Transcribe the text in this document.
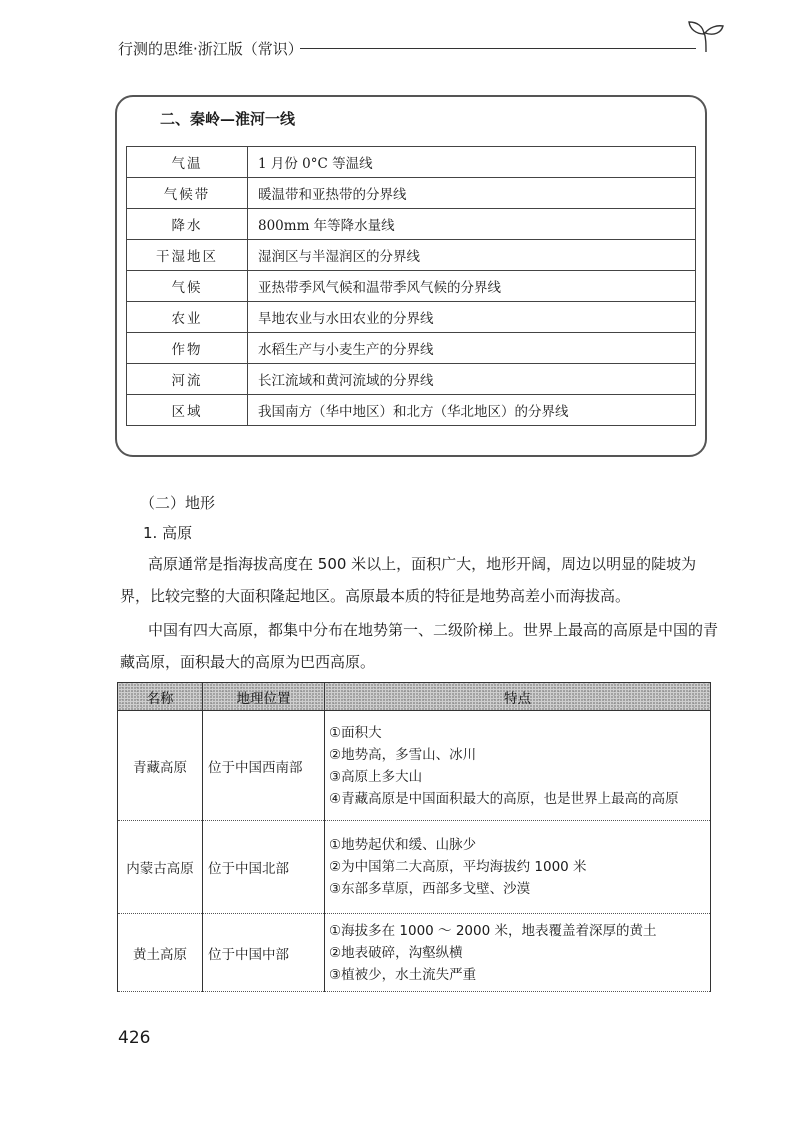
行测的思维·浙江版（常识）
二、秦岭—淮河一线
气温	1 月份 0°C 等温线
气候带	暖温带和亚热带的分界线
降水	800mm 年等降水量线
干湿地区	湿润区与半湿润区的分界线
气候	亚热带季风气候和温带季风气候的分界线
农业	旱地农业与水田农业的分界线
作物	水稻生产与小麦生产的分界线
河流	长江流域和黄河流域的分界线
区域	我国南方（华中地区）和北方（华北地区）的分界线
（二）地形
1. 高原
高原通常是指海拔高度在 500 米以上，面积广大，地形开阔，周边以明显的陡坡为界，比较完整的大面积隆起地区。高原最本质的特征是地势高差小而海拔高。
中国有四大高原，都集中分布在地势第一、二级阶梯上。世界上最高的高原是中国的青藏高原，面积最大的高原为巴西高原。
名称	地理位置	特点
青藏高原	位于中国西南部	①面积大
②地势高，多雪山、冰川
③高原上多大山
④青藏高原是中国面积最大的高原，也是世界上最高的高原

内蒙古高原	位于中国北部	①地势起伏和缓、山脉少
②为中国第二大高原，平均海拔约 1000 米
③东部多草原，西部多戈壁、沙漠

黄土高原	位于中国中部	①海拔多在 1000 ～ 2000 米，地表覆盖着深厚的黄土
②地表破碎，沟壑纵横
③植被少，水土流失严重
426
